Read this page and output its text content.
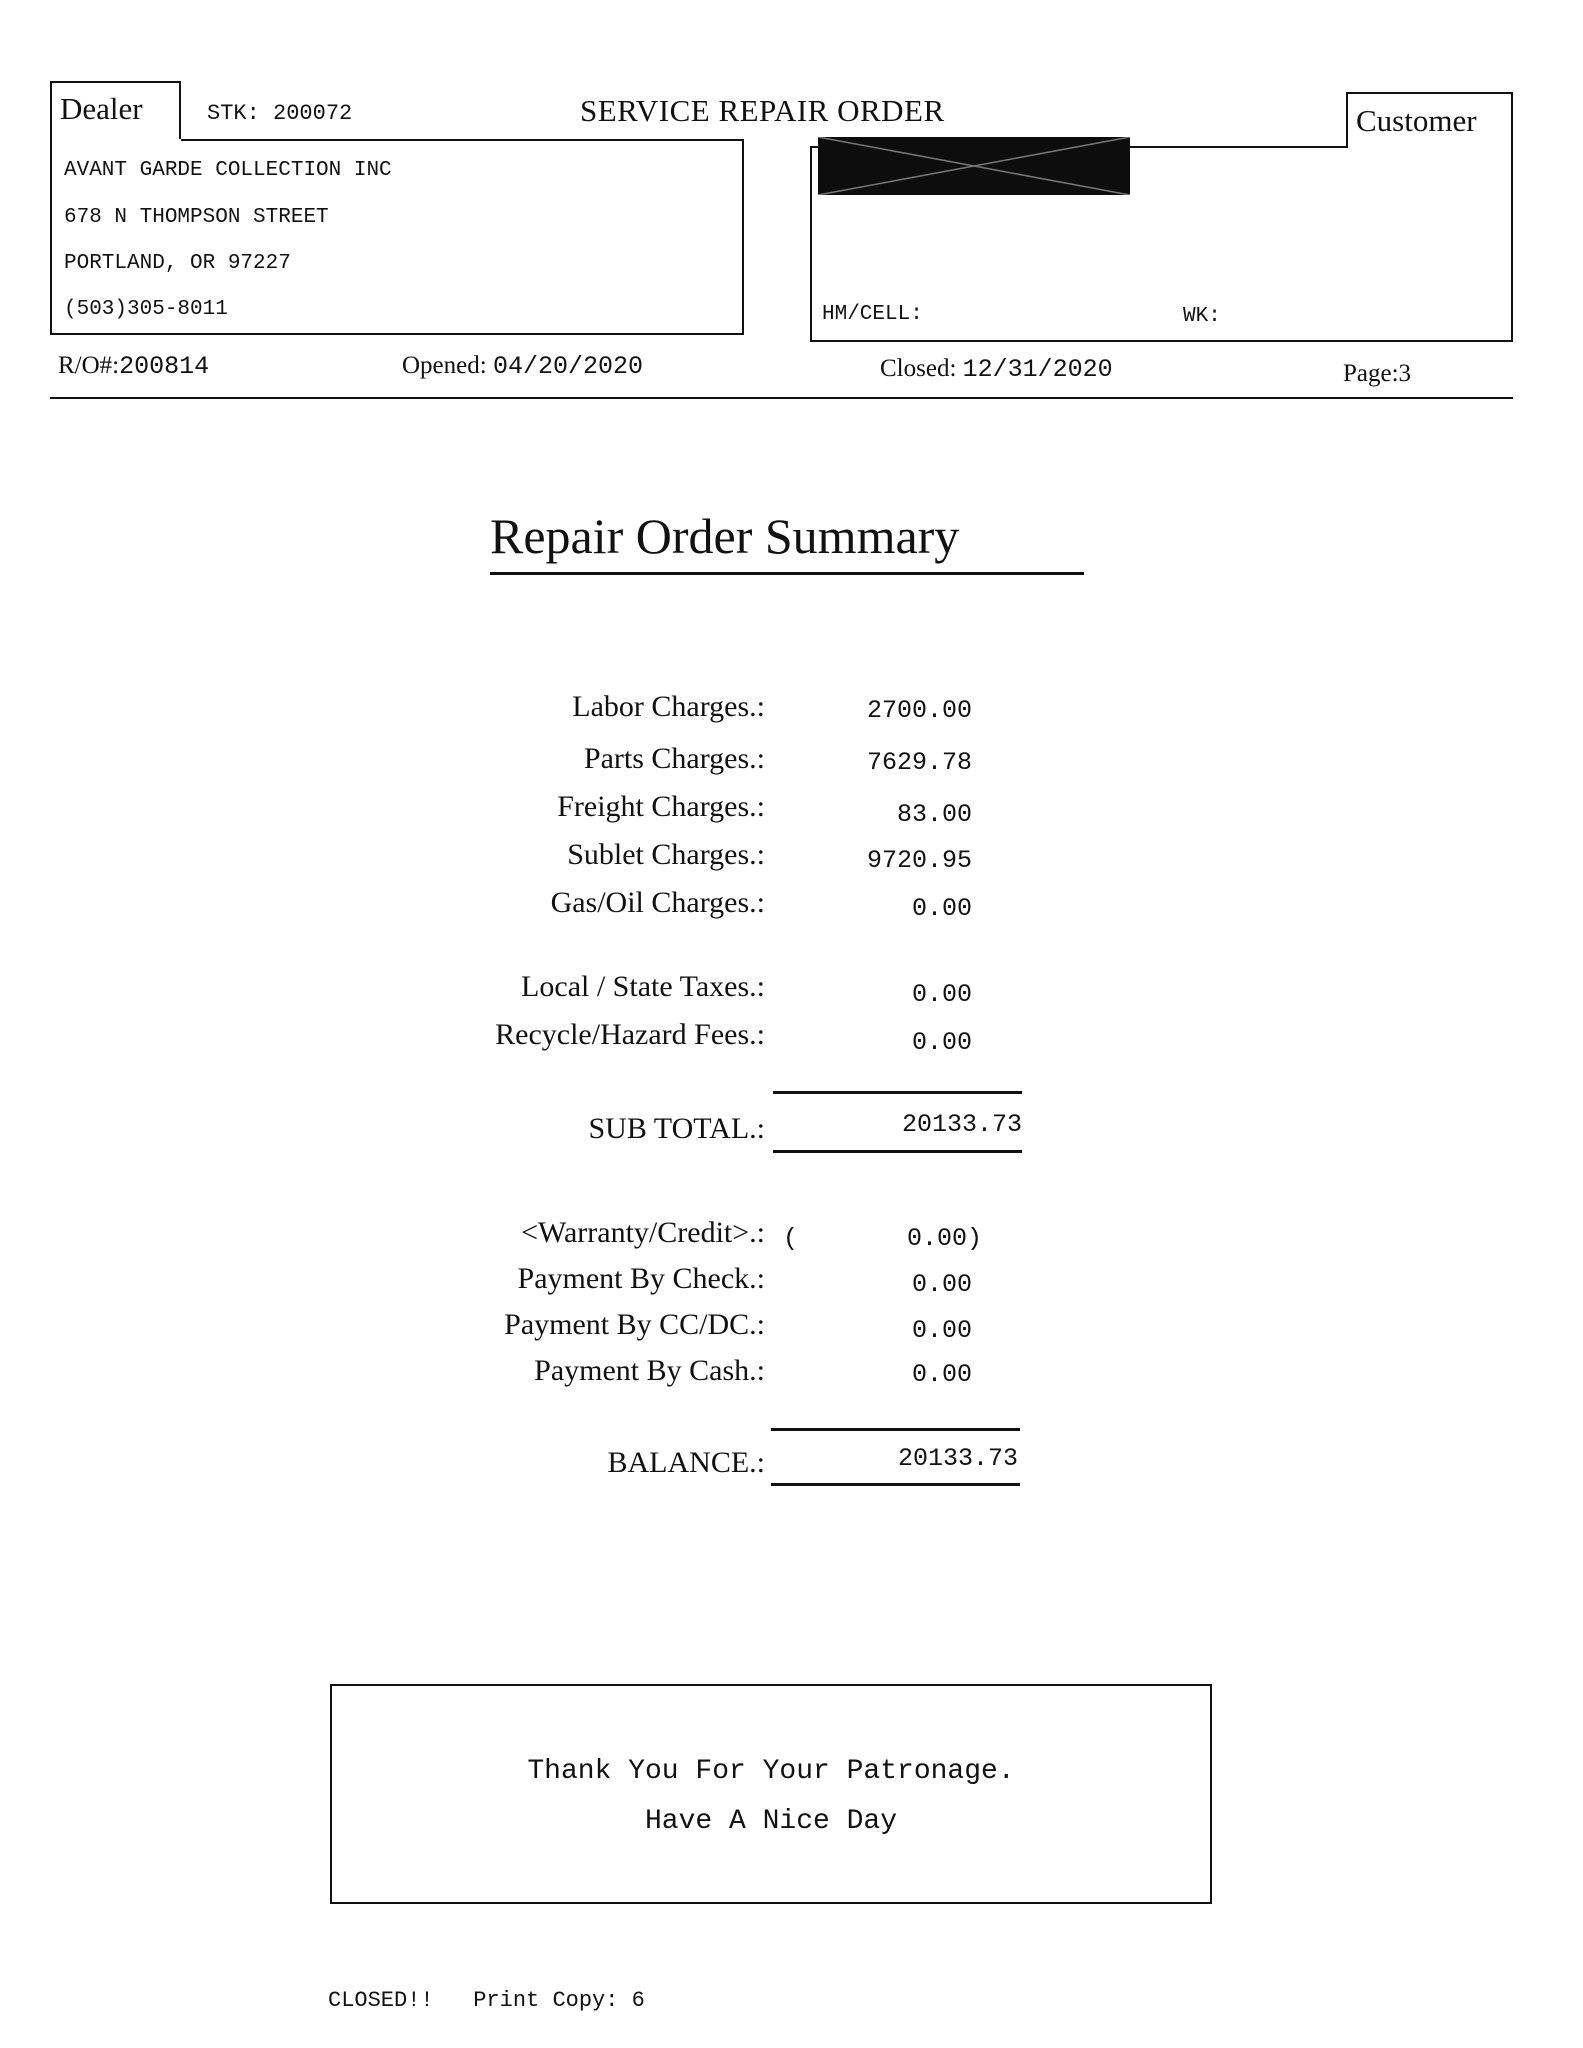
Dealer	STK: 200072
AVANT GARDE COLLECTION INC
678 N THOMPSON STREET
PORTLAND, OR 97227
(503)305-8011
SERVICE REPAIR ORDER	Customer
HM/CELL:	WK:
R/O#:200814	Opened: 04/20/2020	Closed: 12/31/2020	Page:3
Repair Order Summary
Labor Charges.:	2700.00
Parts Charges.:	7629.78
Freight Charges.:	83.00
Sublet Charges.:	9720.95
Gas/Oil Charges.:	0.00
Local / State Taxes.:	0.00
Recycle/Hazard Fees.:	0.00
SUB TOTAL.:	20133.73
<Warranty/Credit>.: (	0.00)
Payment By Check.:	0.00
Payment By CC/DC.:	0.00
Payment By Cash.:	0.00
BALANCE.:	20133.73
Thank You For Your Patronage.
Have A Nice Day
CLOSED!! Print Copy: 6
